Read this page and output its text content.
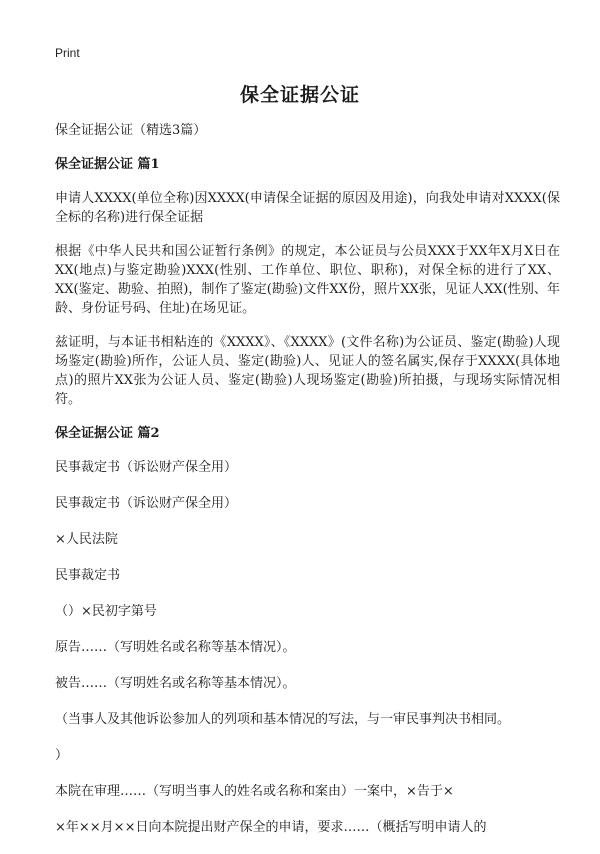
Print
保全证据公证

保全证据公证（精选3篇）

保全证据公证 篇1

申请人XXXX(单位全称)因XXXX(申请保全证据的原因及用途)，向我处申请对XXXX(保全标的名称)进行保全证据

根据《中华人民共和国公证暂行条例》的规定，本公证员与公员XXX于XX年X月X日在XX(地点)与鉴定勘验)XXX(性别、工作单位、职位、职称)，对保全标的进行了XX、XX(鉴定、勘验、拍照)，制作了鉴定(勘验)文件XX份，照片XX张，见证人XX(性别、年龄、身份证号码、住址)在场见证。

兹证明，与本证书相粘连的《XXXX》、《XXXX》(文件名称)为公证员、鉴定(勘验)人现场鉴定(勘验)所作，公证人员、鉴定(勘验)人、见证人的签名属实,保存于XXXX(具体地点)的照片XX张为公证人员、鉴定(勘验)人现场鉴定(勘验)所拍摄，与现场实际情况相符。

保全证据公证 篇2

民事裁定书（诉讼财产保全用）

民事裁定书（诉讼财产保全用）

×人民法院

民事裁定书

（）×民初字第号

原告……（写明姓名或名称等基本情况）。

被告……（写明姓名或名称等基本情况）。

（当事人及其他诉讼参加人的列项和基本情况的写法，与一审民事判决书相同。

）

本院在审理……（写明当事人的姓名或名称和案由）一案中，×告于×

×年××月××日向本院提出财产保全的申请，要求……（概括写明申请人的
